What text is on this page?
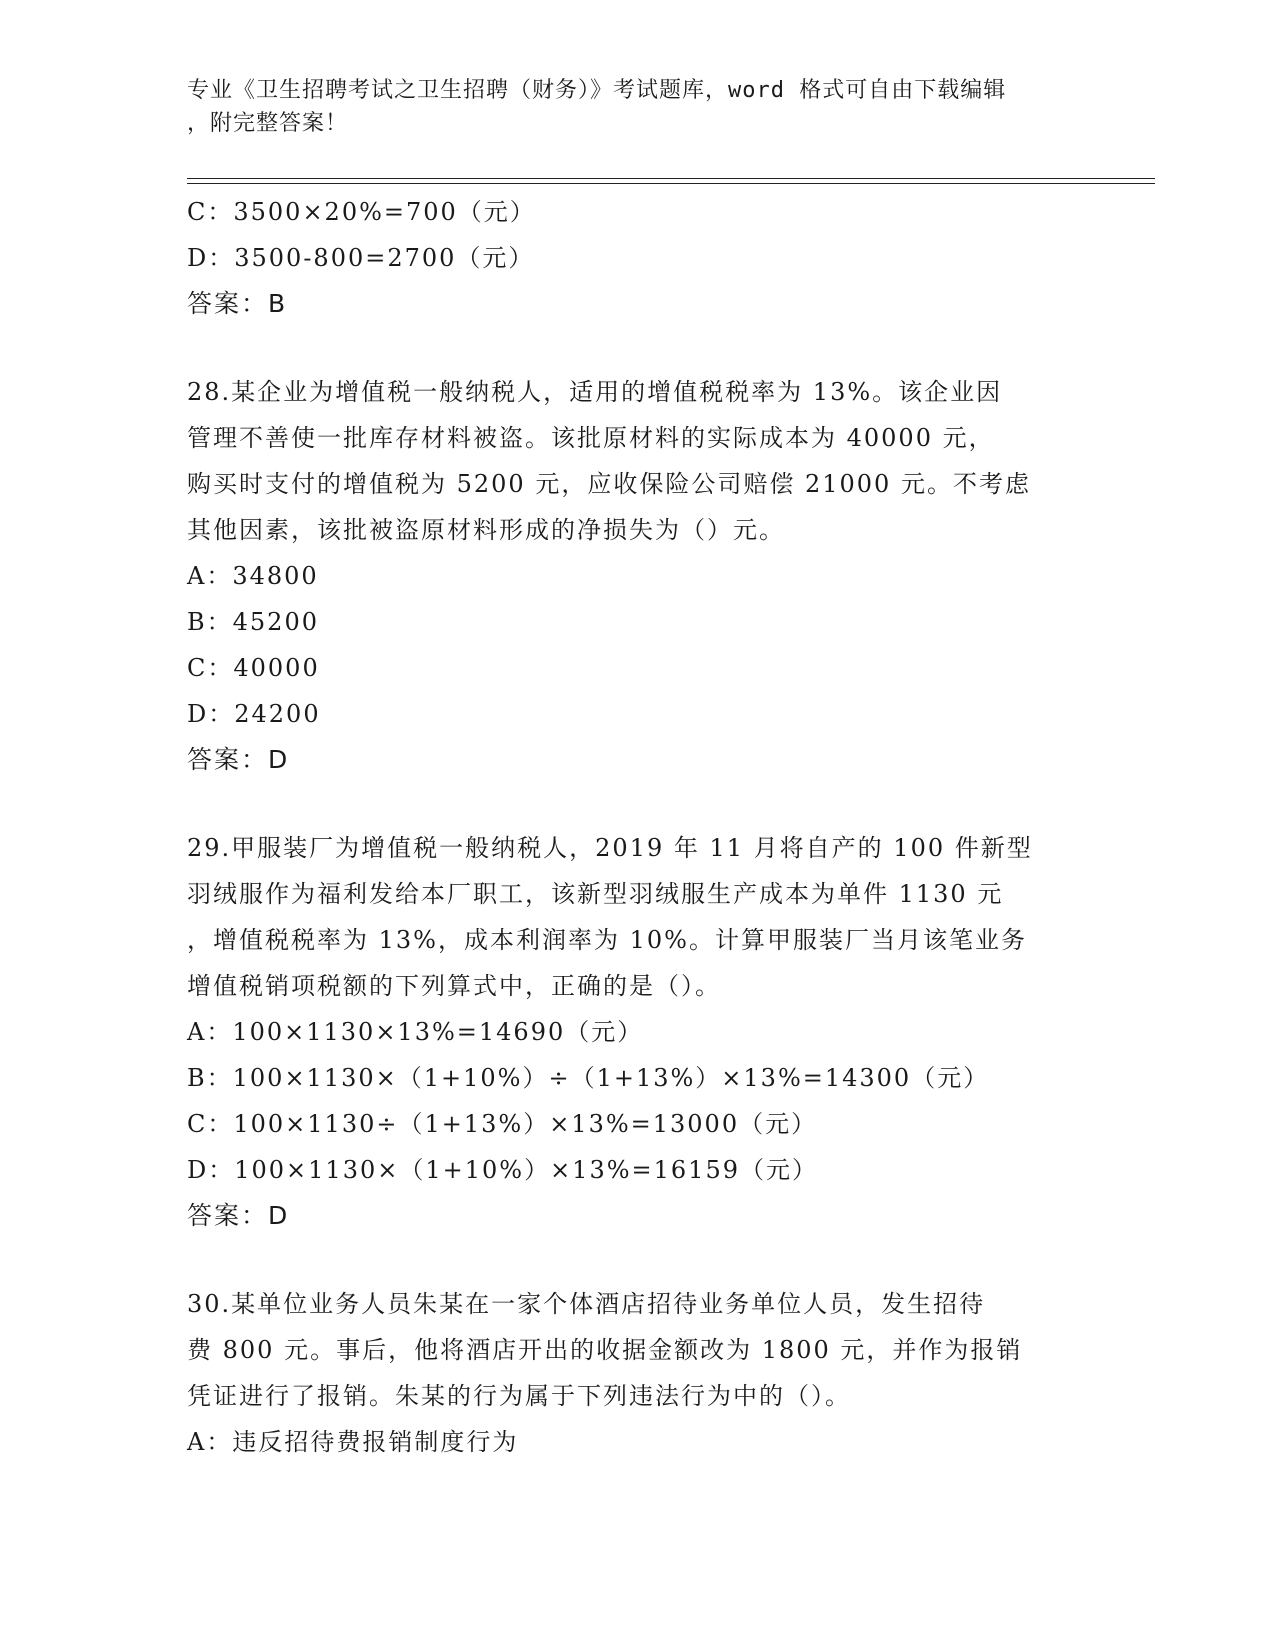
专业《卫生招聘考试之卫生招聘（财务）》考试题库，word 格式可自由下载编辑
，附完整答案！
C：3500×20%=700（元）
D：3500-800=2700（元）
答案：B
28.某企业为增值税一般纳税人，适用的增值税税率为 13%。该企业因
管理不善使一批库存材料被盗。该批原材料的实际成本为 40000 元，
购买时支付的增值税为 5200 元，应收保险公司赔偿 21000 元。不考虑
其他因素，该批被盗原材料形成的净损失为（）元。
A：34800
B：45200
C：40000
D：24200
答案：D
29.甲服装厂为增值税一般纳税人，2019 年 11 月将自产的 100 件新型
羽绒服作为福利发给本厂职工，该新型羽绒服生产成本为单件 1130 元
，增值税税率为 13%，成本利润率为 10%。计算甲服装厂当月该笔业务
增值税销项税额的下列算式中，正确的是（）。
A：100×1130×13%=14690（元）
B：100×1130×（1+10%）÷（1+13%）×13%=14300（元）
C：100×1130÷（1+13%）×13%=13000（元）
D：100×1130×（1+10%）×13%=16159（元）
答案：D
30.某单位业务人员朱某在一家个体酒店招待业务单位人员，发生招待
费 800 元。事后，他将酒店开出的收据金额改为 1800 元，并作为报销
凭证进行了报销。朱某的行为属于下列违法行为中的（）。
A：违反招待费报销制度行为
